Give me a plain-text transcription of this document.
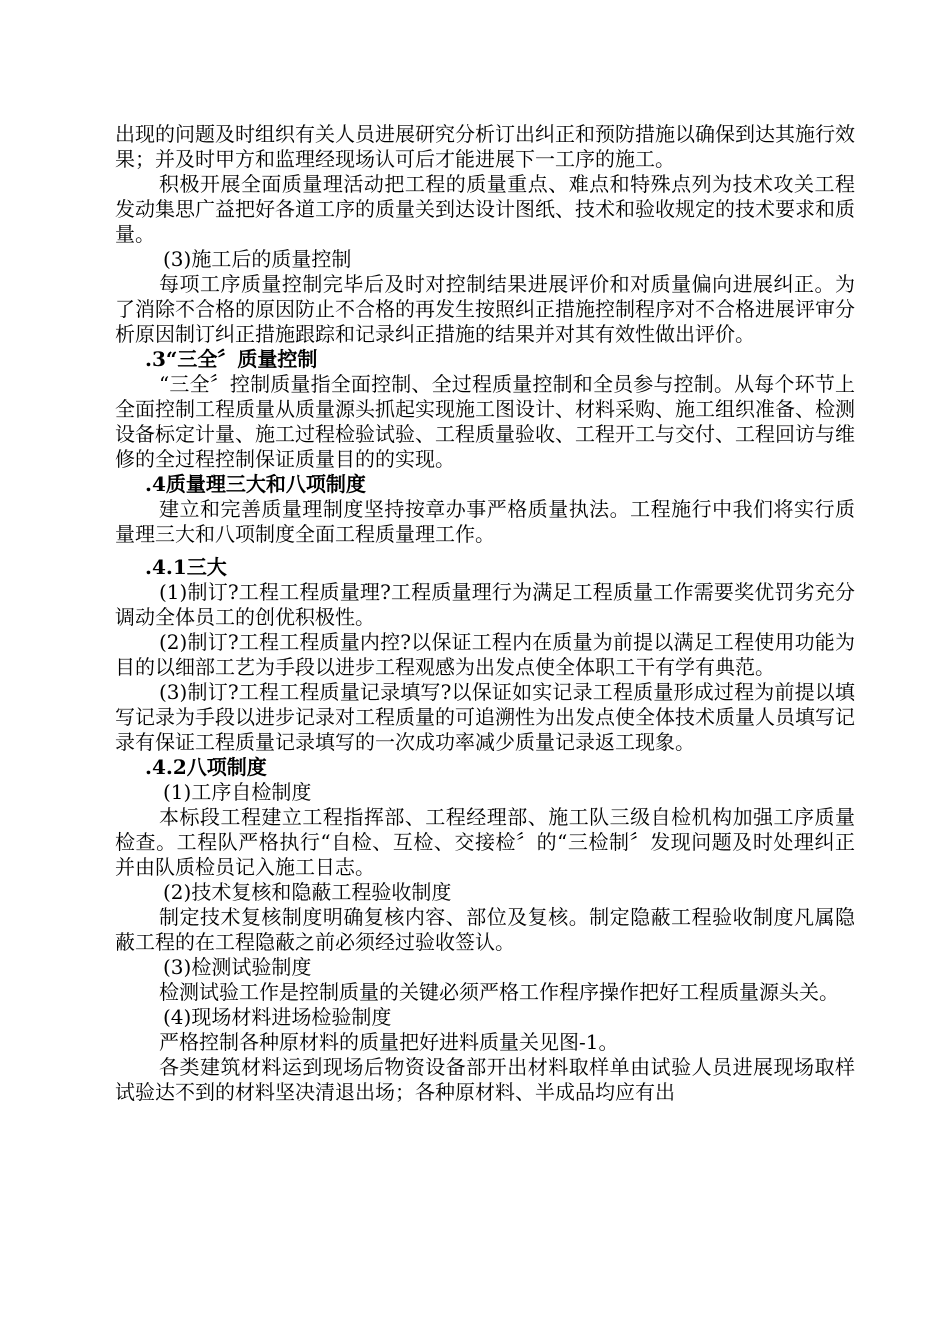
出现的问题及时组织有关人员进展研究分析订出纠正和预防措施以确保到达其施行效果；并及时甲方和监理经现场认可后才能进展下一工序的施工。

积极开展全面质量理活动把工程的质量重点、难点和特殊点列为技术攻关工程发动集思广益把好各道工序的质量关到达设计图纸、技术和验收规定的技术要求和质量。

(3)施工后的质量控制

每项工序质量控制完毕后及时对控制结果进展评价和对质量偏向进展纠正。为了消除不合格的原因防止不合格的再发生按照纠正措施控制程序对不合格进展评审分析原因制订纠正措施跟踪和记录纠正措施的结果并对其有效性做出评价。

.3“三全〞质量控制

“三全〞控制质量指全面控制、全过程质量控制和全员参与控制。从每个环节上全面控制工程质量从质量源头抓起实现施工图设计、材料采购、施工组织准备、检测设备标定计量、施工过程检验试验、工程质量验收、工程开工与交付、工程回访与维修的全过程控制保证质量目的的实现。

.4质量理三大和八项制度

建立和完善质量理制度坚持按章办事严格质量执法。工程施行中我们将实行质量理三大和八项制度全面工程质量理工作。

.4.1三大

(1)制订?工程工程质量理?工程质量理行为满足工程质量工作需要奖优罚劣充分调动全体员工的创优积极性。

(2)制订?工程工程质量内控?以保证工程内在质量为前提以满足工程使用功能为目的以细部工艺为手段以进步工程观感为出发点使全体职工干有学有典范。

(3)制订?工程工程质量记录填写?以保证如实记录工程质量形成过程为前提以填写记录为手段以进步记录对工程质量的可追溯性为出发点使全体技术质量人员填写记录有保证工程质量记录填写的一次成功率减少质量记录返工现象。

.4.2八项制度

(1)工序自检制度

本标段工程建立工程指挥部、工程经理部、施工队三级自检机构加强工序质量检查。工程队严格执行“自检、互检、交接检〞的“三检制〞发现问题及时处理纠正并由队质检员记入施工日志。

(2)技术复核和隐蔽工程验收制度

制定技术复核制度明确复核内容、部位及复核。制定隐蔽工程验收制度凡属隐蔽工程的在工程隐蔽之前必须经过验收签认。

(3)检测试验制度

检测试验工作是控制质量的关键必须严格工作程序操作把好工程质量源头关。

(4)现场材料进场检验制度

严格控制各种原材料的质量把好进料质量关见图-1。

各类建筑材料运到现场后物资设备部开出材料取样单由试验人员进展现场取样试验达不到的材料坚决清退出场；各种原材料、半成品均应有出
